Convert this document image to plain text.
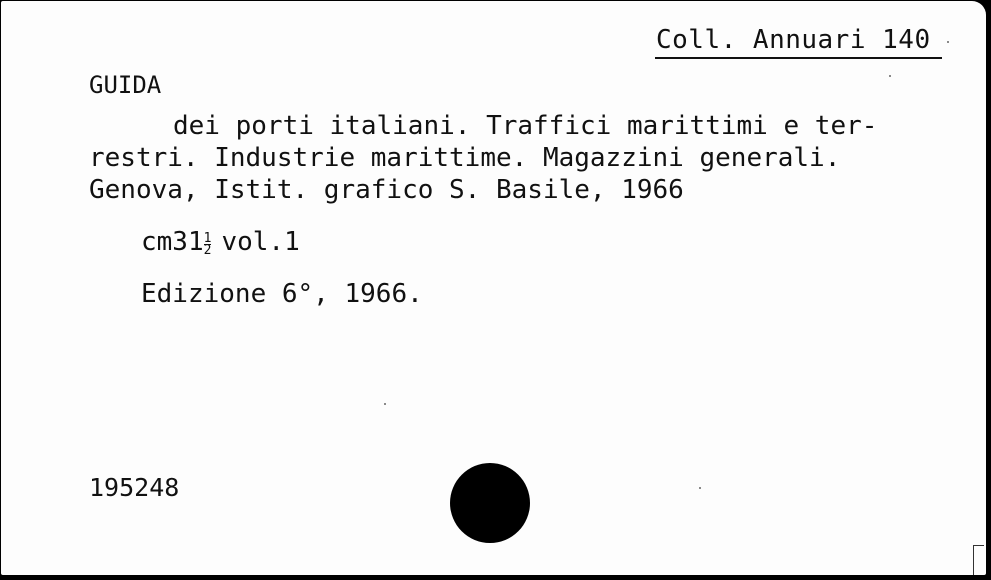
Coll. Annuari 140
GUIDA
dei porti italiani. Traffici marittimi e ter-
restri. Industrie marittime. Magazzini generali.
Genova, Istit. grafico S. Basile, 1966
$cm31 \frac{1}{2} vol.1$
Edizione 6°, 1966.
195248
